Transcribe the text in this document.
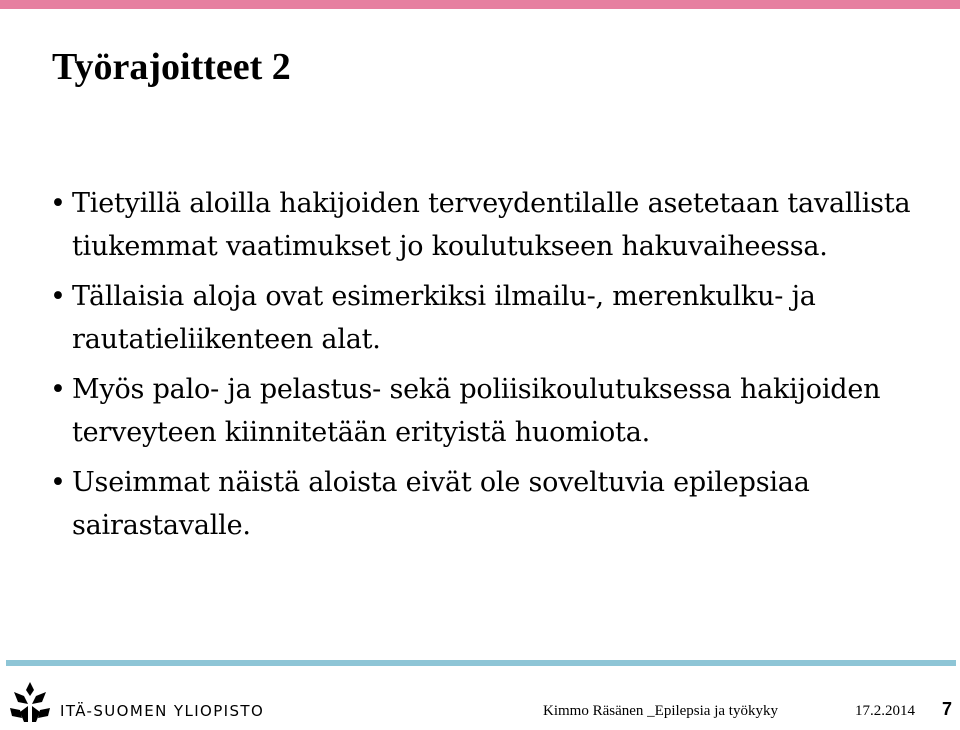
Työrajoitteet 2
• Tietyillä aloilla hakijoiden terveydentilalle asetetaan tavallista tiukemmat vaatimukset jo koulutukseen hakuvaiheessa.
• Tällaisia aloja ovat esimerkiksi ilmailu-, merenkulku- ja rautatieliikenteen alat.
• Myös palo- ja pelastus- sekä poliisikoulutuksessa hakijoiden terveyteen kiinnitetään erityistä huomiota.
• Useimmat näistä aloista eivät ole soveltuvia epilepsiaa sairastavalle.
ITÄ-SUOMEN YLIOPISTO	Kimmo Räsänen _Epilepsia ja työkyky	17.2.2014 7
